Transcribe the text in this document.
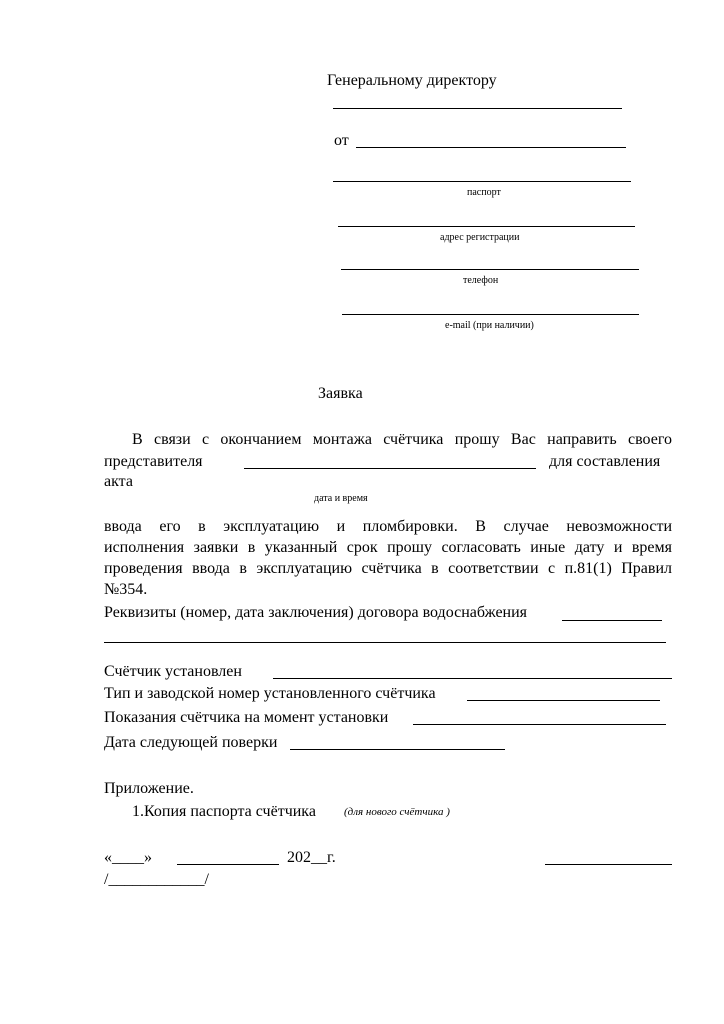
Генеральному директору
от
паспорт
адрес регистрации
телефон
e-mail (при наличии)
Заявка
В связи с окончанием монтажа счётчика прошу Вас направить своего
представителя	для составления
акта
дата и время
ввода его в эксплуатацию и пломбировки. В случае невозможности
исполнения заявки в указанный срок прошу согласовать иные дату и время
проведения ввода в эксплуатацию счётчика в соответствии с п.81(1) Правил
№354.
Реквизиты (номер, дата заключения) договора водоснабжения
Счётчик установлен
Тип и заводской номер установленного счётчика
Показания счётчика на момент установки
Дата следующей поверки
Приложение.
1.Копия паспорта счётчика	(для нового счётчика )
«____»	202__г.
/____________/
